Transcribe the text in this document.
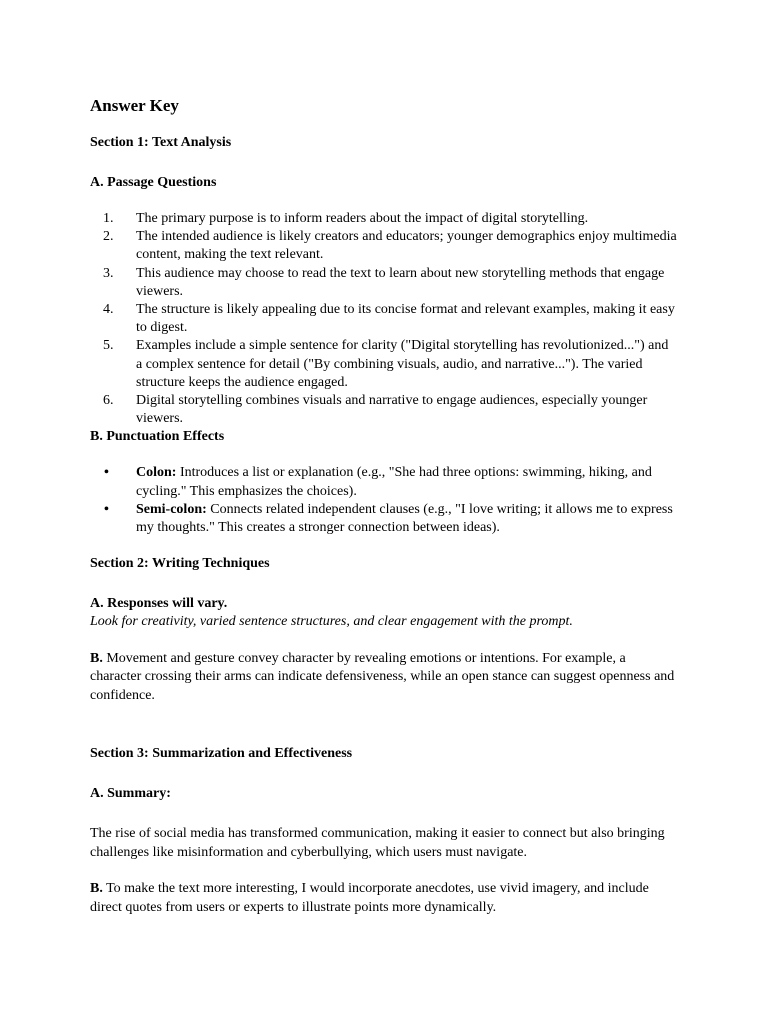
Answer Key
Section 1: Text Analysis
A. Passage Questions
1. The primary purpose is to inform readers about the impact of digital storytelling.
2. The intended audience is likely creators and educators; younger demographics enjoy multimedia content, making the text relevant.
3. This audience may choose to read the text to learn about new storytelling methods that engage viewers.
4. The structure is likely appealing due to its concise format and relevant examples, making it easy to digest.
5. Examples include a simple sentence for clarity ("Digital storytelling has revolutionized...") and a complex sentence for detail ("By combining visuals, audio, and narrative..."). The varied structure keeps the audience engaged.
6. Digital storytelling combines visuals and narrative to engage audiences, especially younger viewers.
B. Punctuation Effects
• Colon: Introduces a list or explanation (e.g., "She had three options: swimming, hiking, and cycling." This emphasizes the choices).
• Semi-colon: Connects related independent clauses (e.g., "I love writing; it allows me to express my thoughts." This creates a stronger connection between ideas).
Section 2: Writing Techniques
A. Responses will vary.

Look for creativity, varied sentence structures, and clear engagement with the prompt.

B. Movement and gesture convey character by revealing emotions or intentions. For example, a character crossing their arms can indicate defensiveness, while an open stance can suggest openness and confidence.

Section 3: Summarization and Effectiveness
A. Summary:

The rise of social media has transformed communication, making it easier to connect but also bringing challenges like misinformation and cyberbullying, which users must navigate.

B. To make the text more interesting, I would incorporate anecdotes, use vivid imagery, and include direct quotes from users or experts to illustrate points more dynamically.
